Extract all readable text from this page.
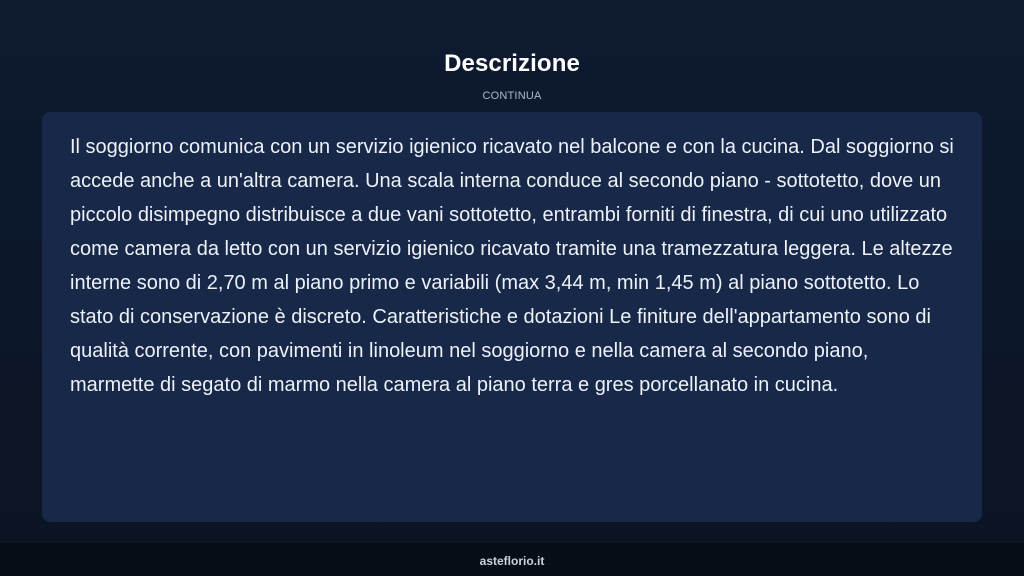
Descrizione
CONTINUA

Il soggiorno comunica con un servizio igienico ricavato nel balcone e con la cucina. Dal soggiorno si accede anche a un'altra camera. Una scala interna conduce al secondo piano - sottotetto, dove un piccolo disimpegno distribuisce a due vani sottotetto, entrambi forniti di finestra, di cui uno utilizzato come camera da letto con un servizio igienico ricavato tramite una tramezzatura leggera. Le altezze interne sono di 2,70 m al piano primo e variabili (max 3,44 m, min 1,45 m) al piano sottotetto. Lo stato di conservazione è discreto. Caratteristiche e dotazioni Le finiture dell'appartamento sono di qualità corrente, con pavimenti in linoleum nel soggiorno e nella camera al secondo piano, marmette di segato di marmo nella camera al piano terra e gres porcellanato in cucina.

asteflorio.it
